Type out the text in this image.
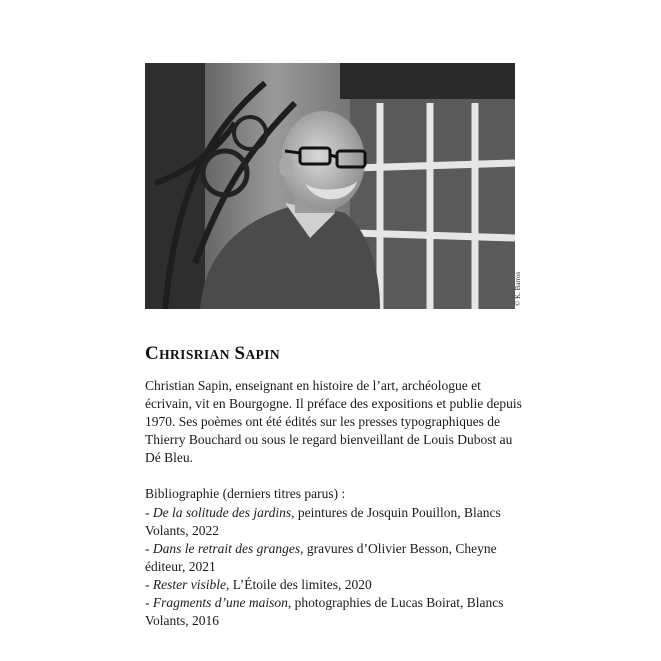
© K. Barros
CHRISRIAN SAPIN

Christian Sapin, enseignant en histoire de l’art, archéologue et écrivain, vit en Bourgogne. Il préface des expositions et publie depuis 1970. Ses poèmes ont été édités sur les presses typographiques de Thierry Bouchard ou sous le regard bienveillant de Louis Dubost au Dé Bleu.

Bibliographie (derniers titres parus) :

- De la solitude des jardins, peintures de Josquin Pouillon, Blancs Volants, 2022

- Dans le retrait des granges, gravures d’Olivier Besson, Cheyne éditeur, 2021

- Rester visible, L’Étoile des limites, 2020

- Fragments d’une maison, photographies de Lucas Boirat, Blancs Volants, 2016
